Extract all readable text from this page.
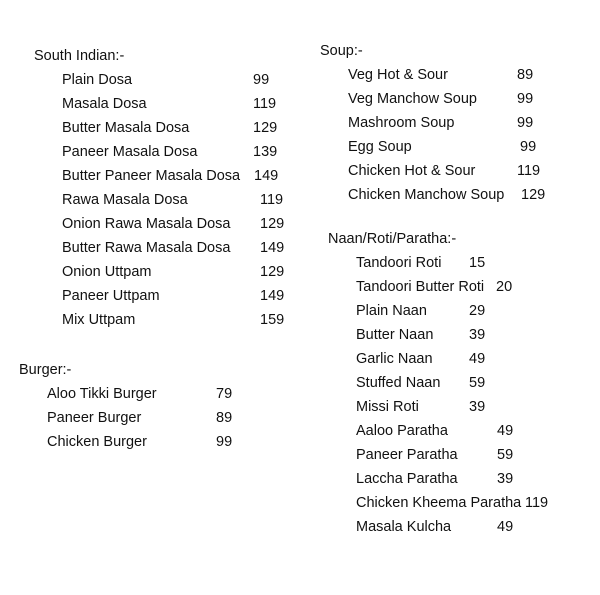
South Indian:-
Plain Dosa	99
Masala Dosa	119
Butter Masala Dosa	129
Paneer Masala Dosa	139
Butter Paneer Masala Dosa 149
Rawa Masala Dosa	119
Onion Rawa Masala Dosa 129
Butter Rawa Masala Dosa 149
Onion Uttpam	129
Paneer Uttpam	149
Mix Uttpam	159
Burger:-
Aloo Tikki Burger	79
Paneer Burger	89
Chicken Burger	99
Soup:-
Veg Hot & Sour	89
Veg Manchow Soup	99
Mashroom Soup	99
Egg Soup	99
Chicken Hot & Sour	119
Chicken Manchow Soup 129
Naan/Roti/Paratha:-
Tandoori Roti 15
Tandoori Butter Roti 20
Plain Naan	29
Butter Naan 39
Garlic Naan	49
Stuffed Naan 59
Missi Roti	39
Aaloo Paratha	49
Paneer Paratha	59
Laccha Paratha	39
Chicken Kheema Paratha 119
Masala Kulcha	49
